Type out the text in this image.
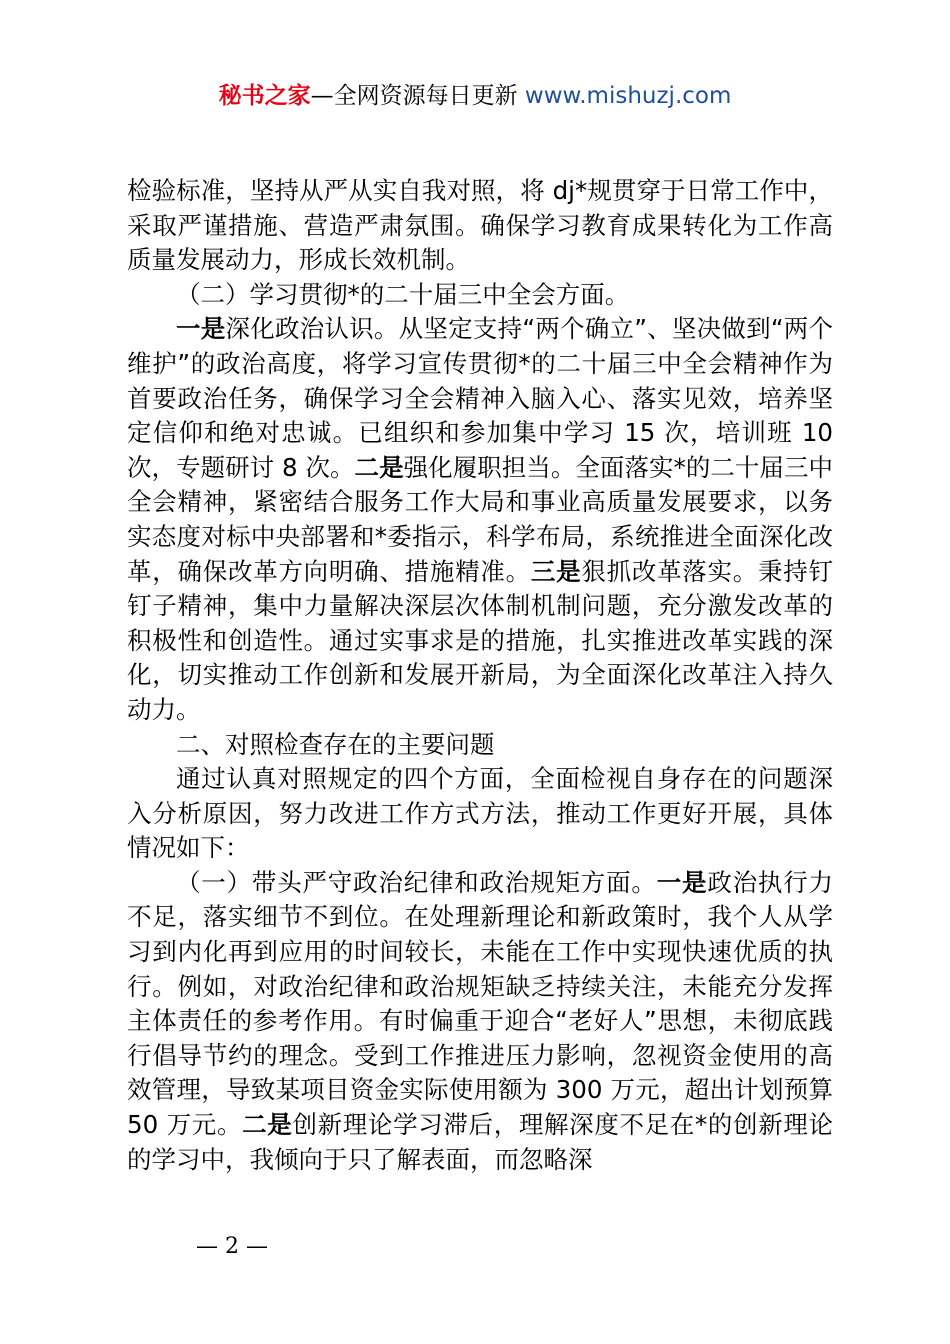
秘书之家—全网资源每日更新 www.mishuzj.com

检验标准，坚持从严从实自我对照，将 dj*规贯穿于日常工作中，采取严谨措施、营造严肃氛围。确保学习教育成果转化为工作高质量发展动力，形成长效机制。

（二）学习贯彻*的二十届三中全会方面。

一是深化政治认识。从坚定支持“两个确立”、坚决做到“两个维护”的政治高度，将学习宣传贯彻*的二十届三中全会精神作为首要政治任务，确保学习全会精神入脑入心、落实见效，培养坚定信仰和绝对忠诚。已组织和参加集中学习 15 次，培训班 10 次，专题研讨 8 次。二是强化履职担当。全面落实*的二十届三中全会精神，紧密结合服务工作大局和事业高质量发展要求，以务实态度对标中央部署和*委指示，科学布局，系统推进全面深化改革，确保改革方向明确、措施精准。三是狠抓改革落实。秉持钉钉子精神，集中力量解决深层次体制机制问题，充分激发改革的积极性和创造性。通过实事求是的措施，扎实推进改革实践的深化，切实推动工作创新和发展开新局，为全面深化改革注入持久动力。

二、对照检查存在的主要问题

通过认真对照规定的四个方面，全面检视自身存在的问题深入分析原因，努力改进工作方式方法，推动工作更好开展，具体情况如下：

（一）带头严守政治纪律和政治规矩方面。一是政治执行力不足，落实细节不到位。在处理新理论和新政策时，我个人从学习到内化再到应用的时间较长，未能在工作中实现快速优质的执行。例如，对政治纪律和政治规矩缺乏持续关注，未能充分发挥主体责任的参考作用。有时偏重于迎合“老好人”思想，未彻底践行倡导节约的理念。受到工作推进压力影响，忽视资金使用的高效管理，导致某项目资金实际使用额为 300 万元，超出计划预算 50 万元。二是创新理论学习滞后，理解深度不足在*的创新理论的学习中，我倾向于只了解表面，而忽略深

— 2 —
